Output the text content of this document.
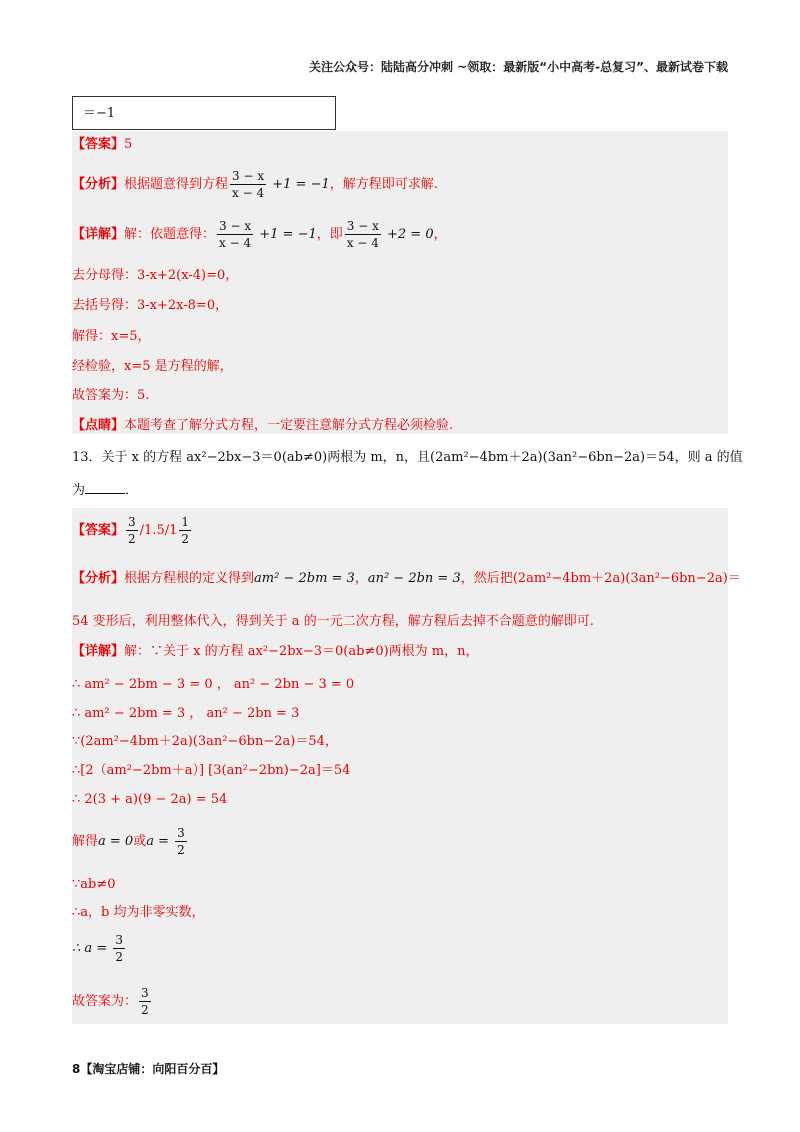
关注公众号：陆陆高分冲刺 ~领取：最新版“小中高考-总复习”、最新试卷下载
＝−1
【答案】5
【分析】根据题意得到方程 $\frac{3 - x}{x - 4} +1 = -1$，解方程即可求解.
【详解】解：依题意得： $\frac{3 - x}{x - 4} +1 = -1$，即 $\frac{3 - x}{x - 4} +2 = 0$，
去分母得：3-x+2(x-4)=0，
去括号得：3-x+2x-8=0，
解得：x=5，
经检验，x=5 是方程的解，
故答案为：5.
【点睛】本题考查了解分式方程，一定要注意解分式方程必须检验.
13．关于 x 的方程 ax²−2bx−3＝0(ab≠0)两根为 m，n，且(2am²−4bm＋2a)(3an²−6bn−2a)＝54，则 a 的值
为	．
【答案】 $\frac{3}{2} /1.5/1 \frac{1}{2}$
【分析】根据方程根的定义得到am² − 2bm = 3，an² − 2bn = 3，然后把(2am²−4bm＋2a)(3an²−6bn−2a)＝
54 变形后，利用整体代入，得到关于 a 的一元二次方程，解方程后去掉不合题意的解即可.
【详解】解：∵关于 x 的方程 ax²−2bx−3＝0(ab≠0)两根为 m，n，
∴ am² − 2bm − 3 = 0 ， an² − 2bn − 3 = 0
∴ am² − 2bm = 3 ， an² − 2bn = 3
∵(2am²−4bm＋2a)(3an²−6bn−2a)＝54，
∴[2（am²−2bm＋a）] [3(an²−2bn)−2a]＝54
∴ 2(3 + a)(9 − 2a) = 54
解得a = 0或$a = \frac{3}{2}$
∵ab≠0
∴a，b 均为非零实数，
∴ $a = \frac{3}{2}$
故答案为： $\frac{3}{2}$
8【淘宝店铺：向阳百分百】
